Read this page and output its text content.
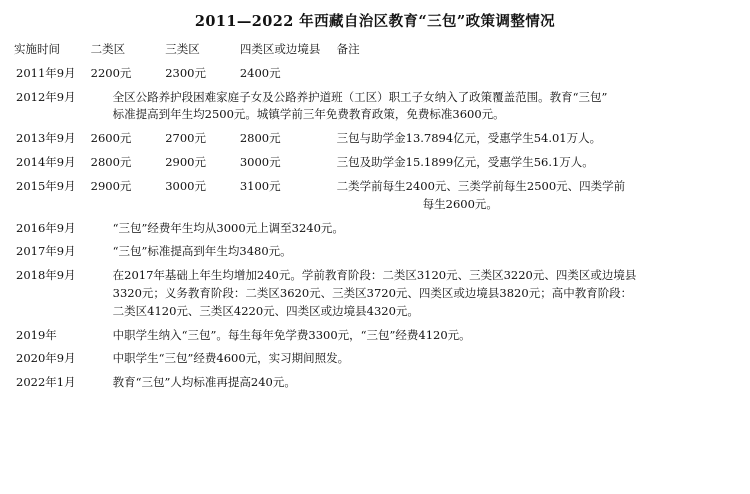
2011—2022 年西藏自治区教育“三包”政策调整情况
实施时间	二类区	三类区	四类区或边境县	备注
2011年9月	2200元	2300元	2400元	
2012年9月	全区公路养护段困难家庭子女及公路养护道班（工区）职工子女纳入了政策覆盖范围。教育“三包”
标准提高到年生均2500元。城镇学前三年免费教育政策，免费标准3600元。			

2013年9月	2600元	2700元	2800元	三包与助学金13.7894亿元，受惠学生54.01万人。
2014年9月	2800元	2900元	3000元	三包及助学金15.1899亿元，受惠学生56.1万人。
2015年9月	2900元	3000元	3100元	二类学前每生2400元、三类学前每生2500元、四类学前
每生2600元。

2016年9月	“三包”经费年生均从3000元上调至3240元。			

2017年9月	“三包”标准提高到年生均3480元。			

2018年9月	在2017年基础上年生均增加240元。学前教育阶段：二类区3120元、三类区3220元、四类区或边境县
3320元；义务教育阶段：二类区3620元、三类区3720元、四类区或边境县3820元；高中教育阶段：
二类区4120元、三类区4220元、四类区或边境县4320元。			

2019年	中职学生纳入“三包”。每生每年免学费3300元，“三包”经费4120元。			

2020年9月	中职学生“三包”经费4600元，实习期间照发。			

2022年1月	教育“三包”人均标准再提高240元。			
